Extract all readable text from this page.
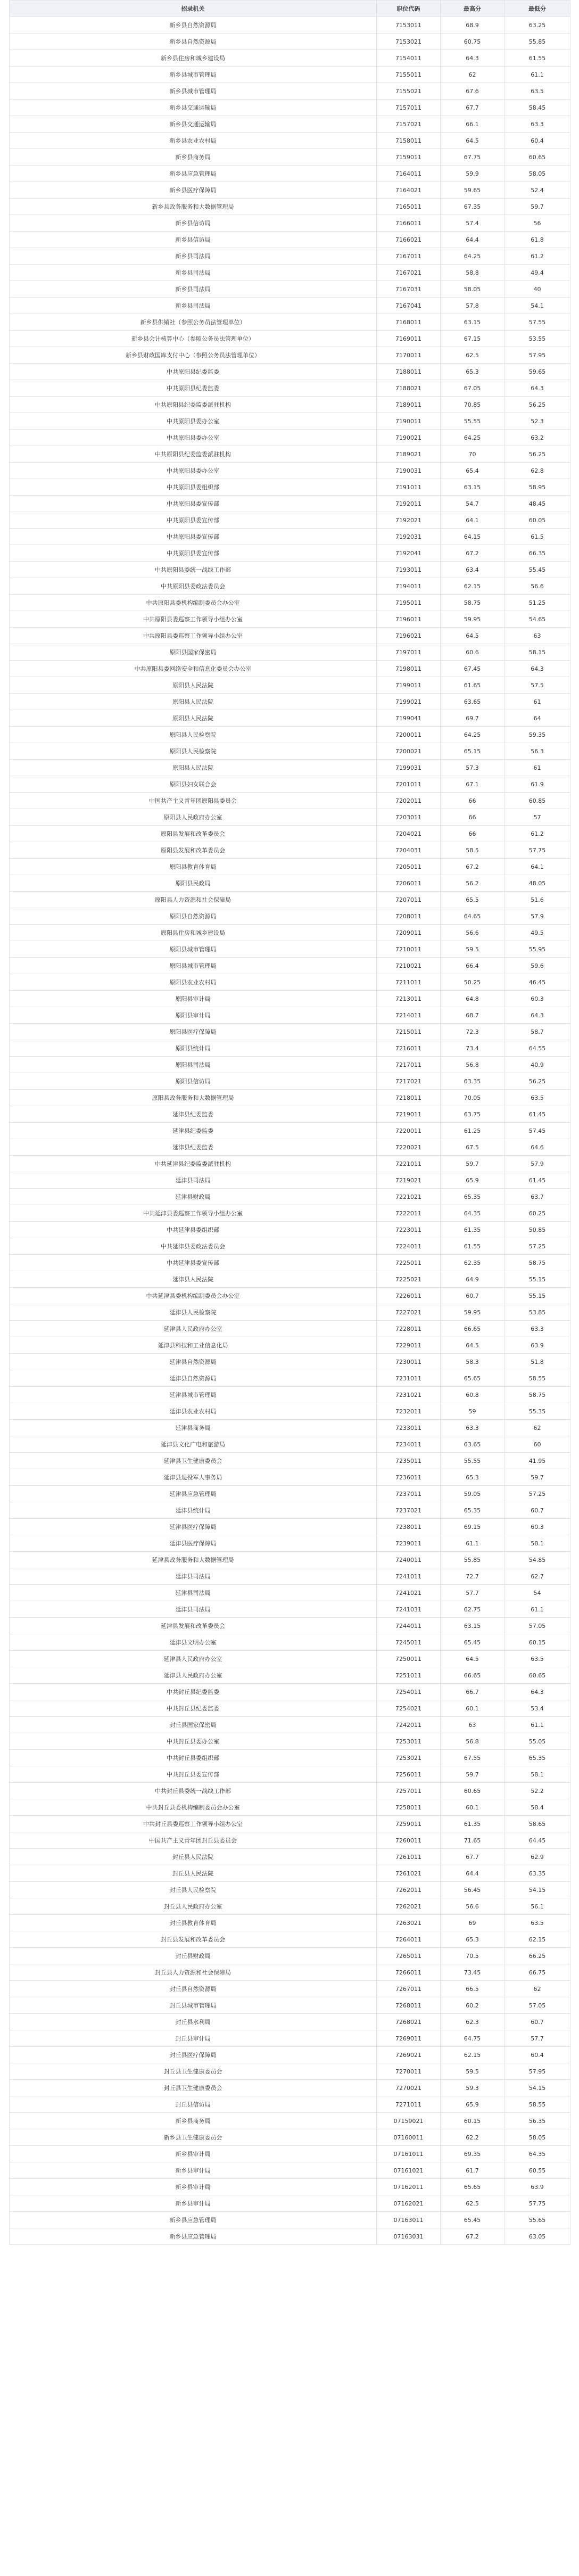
招录机关	职位代码	最高分	最低分
新乡县自然资源局	7153011	68.9	63.25
新乡县自然资源局	7153021	60.75	55.85
新乡县住房和城乡建设局	7154011	64.3	61.55
新乡县城市管理局	7155011	62	61.1
新乡县城市管理局	7155021	67.6	63.5
新乡县交通运输局	7157011	67.7	58.45
新乡县交通运输局	7157021	66.1	63.3
新乡县农业农村局	7158011	64.5	60.4
新乡县商务局	7159011	67.75	60.65
新乡县应急管理局	7164011	59.9	58.05
新乡县医疗保障局	7164021	59.65	52.4
新乡县政务服务和大数据管理局	7165011	67.35	59.7
新乡县信访局	7166011	57.4	56
新乡县信访局	7166021	64.4	61.8
新乡县司法局	7167011	64.25	61.2
新乡县司法局	7167021	58.8	49.4
新乡县司法局	7167031	58.05	40
新乡县司法局	7167041	57.8	54.1
新乡县供销社（参照公务员法管理单位）	7168011	63.15	57.55
新乡县会计核算中心（参照公务员法管理单位）	7169011	67.15	53.55
新乡县财政国库支付中心（参照公务员法管理单位）	7170011	62.5	57.95
中共原阳县纪委监委	7188011	65.3	59.65
中共原阳县纪委监委	7188021	67.05	64.3
中共原阳县纪委监委派驻机构	7189011	70.85	56.25
中共原阳县委办公室	7190011	55.55	52.3
中共原阳县委办公室	7190021	64.25	63.2
中共原阳县纪委监委派驻机构	7189021	70	56.25
中共原阳县委办公室	7190031	65.4	62.8
中共原阳县委组织部	7191011	63.15	58.95
中共原阳县委宣传部	7192011	54.7	48.45
中共原阳县委宣传部	7192021	64.1	60.05
中共原阳县委宣传部	7192031	64.15	61.5
中共原阳县委宣传部	7192041	67.2	66.35
中共原阳县委统一战线工作部	7193011	63.4	55.45
中共原阳县委政法委员会	7194011	62.15	56.6
中共原阳县委机构编制委员会办公室	7195011	58.75	51.25
中共原阳县委巡察工作领导小组办公室	7196011	59.95	54.65
中共原阳县委巡察工作领导小组办公室	7196021	64.5	63
原阳县国家保密局	7197011	60.6	58.15
中共原阳县委网络安全和信息化委员会办公室	7198011	67.45	64.3
原阳县人民法院	7199011	61.65	57.5
原阳县人民法院	7199021	63.65	61
原阳县人民法院	7199041	69.7	64
原阳县人民检察院	7200011	64.25	59.35
原阳县人民检察院	7200021	65.15	56.3
原阳县人民法院	7199031	57.3	61
原阳县妇女联合会	7201011	67.1	61.9
中国共产主义青年团原阳县委员会	7202011	66	60.85
原阳县人民政府办公室	7203011	66	57
原阳县发展和改革委员会	7204021	66	61.2
原阳县发展和改革委员会	7204031	58.5	57.75
原阳县教育体育局	7205011	67.2	64.1
原阳县民政局	7206011	56.2	48.05
原阳县人力资源和社会保障局	7207011	65.5	51.6
原阳县自然资源局	7208011	64.65	57.9
原阳县住房和城乡建设局	7209011	56.6	49.5
原阳县城市管理局	7210011	59.5	55.95
原阳县城市管理局	7210021	66.4	59.6
原阳县农业农村局	7211011	50.25	46.45
原阳县审计局	7213011	64.8	60.3
原阳县审计局	7214011	68.7	64.3
原阳县医疗保障局	7215011	72.3	58.7
原阳县统计局	7216011	73.4	64.55
原阳县司法局	7217011	56.8	40.9
原阳县信访局	7217021	63.35	56.25
原阳县政务服务和大数据管理局	7218011	70.05	63.5
延津县纪委监委	7219011	63.75	61.45
延津县纪委监委	7220011	61.25	57.45
延津县纪委监委	7220021	67.5	64.6
中共延津县纪委监委派驻机构	7221011	59.7	57.9
延津县司法局	7219021	65.9	61.45
延津县财政局	7221021	65.35	63.7
中共延津县委巡察工作领导小组办公室	7222011	64.35	60.25
中共延津县委组织部	7223011	61.35	50.85
中共延津县委政法委员会	7224011	61.55	57.25
中共延津县委宣传部	7225011	62.35	58.75
延津县人民法院	7225021	64.9	55.15
中共延津县委机构编制委员会办公室	7226011	60.7	55.15
延津县人民检察院	7227021	59.95	53.85
延津县人民政府办公室	7228011	66.65	63.3
延津县科技和工业信息化局	7229011	64.5	63.9
延津县自然资源局	7230011	58.3	51.8
延津县自然资源局	7231011	65.65	58.55
延津县城市管理局	7231021	60.8	58.75
延津县农业农村局	7232011	59	55.35
延津县商务局	7233011	63.3	62
延津县文化广电和旅游局	7234011	63.65	60
延津县卫生健康委员会	7235011	55.55	41.95
延津县退役军人事务局	7236011	65.3	59.7
延津县应急管理局	7237011	59.05	57.25
延津县统计局	7237021	65.35	60.7
延津县医疗保障局	7238011	69.15	60.3
延津县医疗保障局	7239011	61.1	58.1
延津县政务服务和大数据管理局	7240011	55.85	54.85
延津县司法局	7241011	72.7	62.7
延津县司法局	7241021	57.7	54
延津县司法局	7241031	62.75	61.1
延津县发展和改革委员会	7244011	63.15	57.05
延津县文明办公室	7245011	65.45	60.15
延津县人民政府办公室	7250011	64.5	63.5
延津县人民政府办公室	7251011	66.65	60.65
中共封丘县纪委监委	7254011	66.7	64.3
中共封丘县纪委监委	7254021	60.1	53.4
封丘县国家保密局	7242011	63	61.1
中共封丘县委办公室	7253011	56.8	55.05
中共封丘县委组织部	7253021	67.55	65.35
中共封丘县委宣传部	7256011	59.7	58.1
中共封丘县委统一战线工作部	7257011	60.65	52.2
中共封丘县委机构编制委员会办公室	7258011	60.1	58.4
中共封丘县委巡察工作领导小组办公室	7259011	61.35	58.65
中国共产主义青年团封丘县委员会	7260011	71.65	64.45
封丘县人民法院	7261011	67.7	62.9
封丘县人民法院	7261021	64.4	63.35
封丘县人民检察院	7262011	56.45	54.15
封丘县人民政府办公室	7262021	56.6	56.1
封丘县教育体育局	7263021	69	63.5
封丘县发展和改革委员会	7264011	65.3	62.15
封丘县财政局	7265011	70.5	66.25
封丘县人力资源和社会保障局	7266011	73.45	66.75
封丘县自然资源局	7267011	66.5	62
封丘县城市管理局	7268011	60.2	57.05
封丘县水利局	7268021	62.3	60.7
封丘县审计局	7269011	64.75	57.7
封丘县医疗保障局	7269021	62.15	60.4
封丘县卫生健康委员会	7270011	59.5	57.95
封丘县卫生健康委员会	7270021	59.3	54.15
封丘县信访局	7271011	65.9	58.55
新乡县商务局	07159021	60.15	56.35
新乡县卫生健康委员会	07160011	62.2	58.05
新乡县审计局	07161011	69.35	64.35
新乡县审计局	07161021	61.7	60.55
新乡县审计局	07162011	65.65	63.9
新乡县审计局	07162021	62.5	57.75
新乡县应急管理局	07163011	65.45	55.65
新乡县应急管理局	07163031	67.2	63.05
